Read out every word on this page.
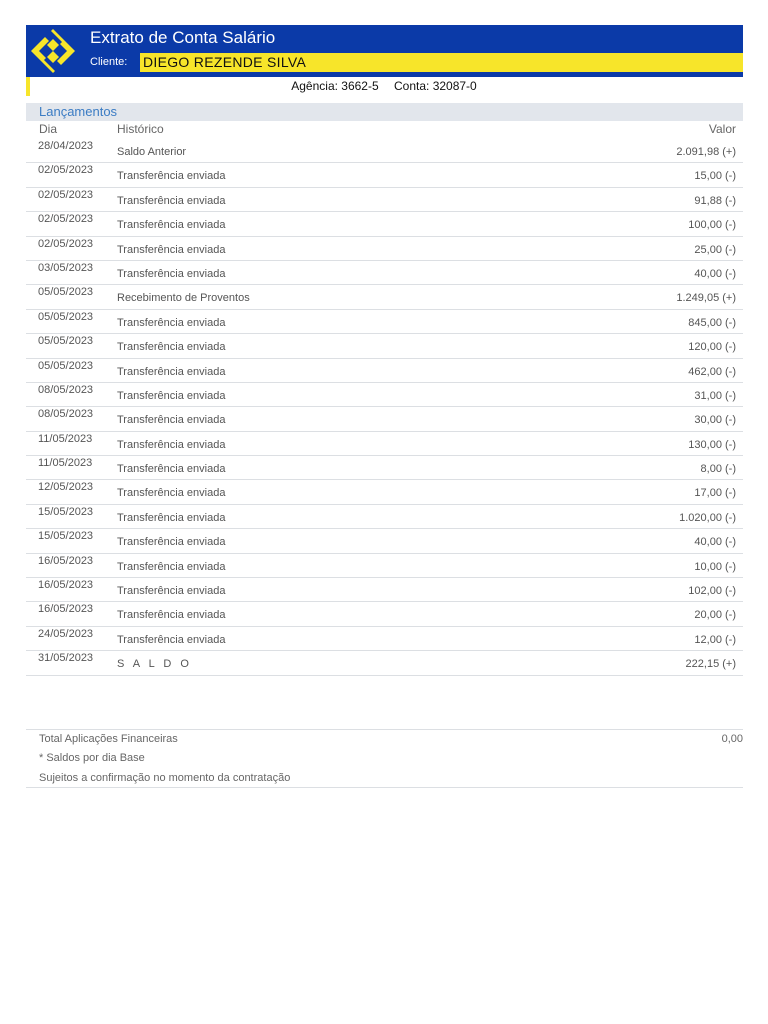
Extrato de Conta Salário
Cliente: DIEGO REZENDE SILVA
Agência: 3662-5 Conta: 32087-0
Lançamentos
Dia	Histórico	Valor
28/04/2023 Saldo Anterior	2.091,98 (+)
02/05/2023 Transferência enviada	15,00 (-)
02/05/2023 Transferência enviada	91,88 (-)
02/05/2023 Transferência enviada	100,00 (-)
02/05/2023 Transferência enviada	25,00 (-)
03/05/2023 Transferência enviada	40,00 (-)
05/05/2023 Recebimento de Proventos	1.249,05 (+)
05/05/2023 Transferência enviada	845,00 (-)
05/05/2023 Transferência enviada	120,00 (-)
05/05/2023 Transferência enviada	462,00 (-)
08/05/2023 Transferência enviada	31,00 (-)
08/05/2023 Transferência enviada	30,00 (-)
11/05/2023 Transferência enviada	130,00 (-)
11/05/2023 Transferência enviada	8,00 (-)
12/05/2023 Transferência enviada	17,00 (-)
15/05/2023 Transferência enviada	1.020,00 (-)
15/05/2023 Transferência enviada	40,00 (-)
16/05/2023 Transferência enviada	10,00 (-)
16/05/2023 Transferência enviada	102,00 (-)
16/05/2023 Transferência enviada	20,00 (-)
24/05/2023 Transferência enviada	12,00 (-)
31/05/2023 S A L D O	222,15 (+)
Total Aplicações Financeiras	0,00
* Saldos por dia Base
Sujeitos a confirmação no momento da contratação
